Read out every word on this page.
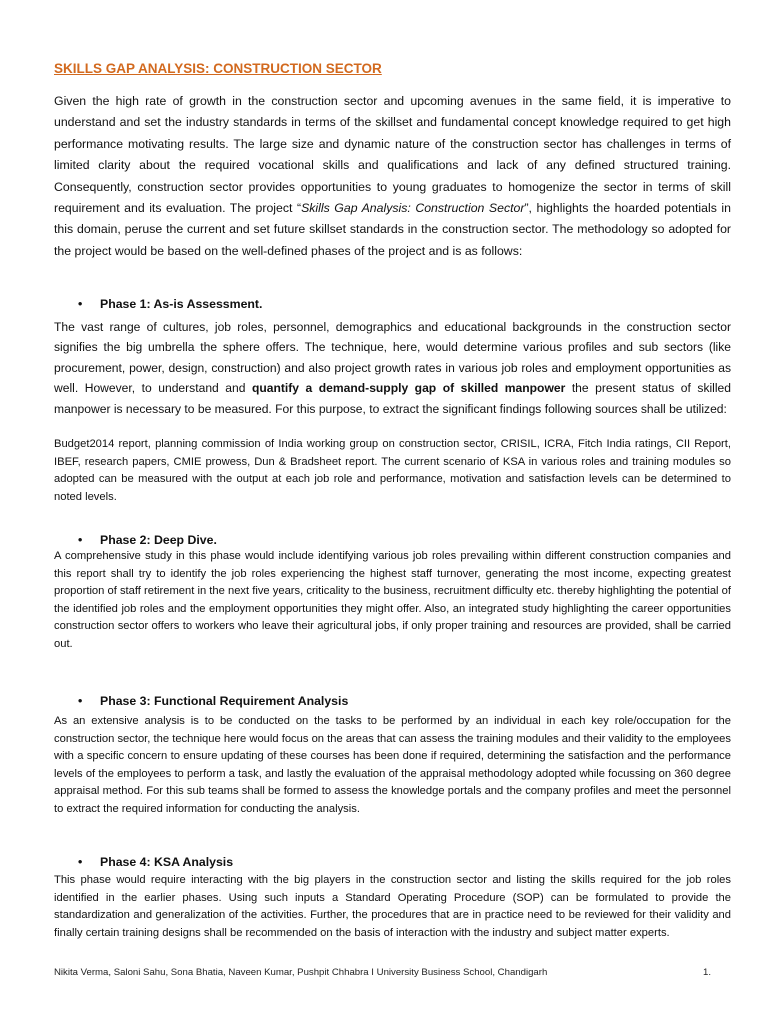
SKILLS GAP ANALYSIS: CONSTRUCTION SECTOR

Given the high rate of growth in the construction sector and upcoming avenues in the same field, it is imperative to understand and set the industry standards in terms of the skillset and fundamental concept knowledge required to get high performance motivating results. The large size and dynamic nature of the construction sector has challenges in terms of limited clarity about the required vocational skills and qualifications and lack of any defined structured training. Consequently, construction sector provides opportunities to young graduates to homogenize the sector in terms of skill requirement and its evaluation. The project “Skills Gap Analysis: Construction Sector”, highlights the hoarded potentials in this domain, peruse the current and set future skillset standards in the construction sector. The methodology so adopted for the project would be based on the well-defined phases of the project and is as follows:

• Phase 1: As-is Assessment.

The vast range of cultures, job roles, personnel, demographics and educational backgrounds in the construction sector signifies the big umbrella the sphere offers. The technique, here, would determine various profiles and sub sectors (like procurement, power, design, construction) and also project growth rates in various job roles and employment opportunities as well. However, to understand and quantify a demand-supply gap of skilled manpower the present status of skilled manpower is necessary to be measured. For this purpose, to extract the significant findings following sources shall be utilized:

Budget2014 report, planning commission of India working group on construction sector, CRISIL, ICRA, Fitch India ratings, CII Report, IBEF, research papers, CMIE prowess, Dun & Bradsheet report. The current scenario of KSA in various roles and training modules so adopted can be measured with the output at each job role and performance, motivation and satisfaction levels can be determined to noted levels.

• Phase 2: Deep Dive.

A comprehensive study in this phase would include identifying various job roles prevailing within different construction companies and this report shall try to identify the job roles experiencing the highest staff turnover, generating the most income, expecting greatest proportion of staff retirement in the next five years, criticality to the business, recruitment difficulty etc. thereby highlighting the potential of the identified job roles and the employment opportunities they might offer. Also, an integrated study highlighting the career opportunities construction sector offers to workers who leave their agricultural jobs, if only proper training and resources are provided, shall be carried out.

• Phase 3: Functional Requirement Analysis

As an extensive analysis is to be conducted on the tasks to be performed by an individual in each key role/occupation for the construction sector, the technique here would focus on the areas that can assess the training modules and their validity to the employees with a specific concern to ensure updating of these courses has been done if required, determining the satisfaction and the performance levels of the employees to perform a task, and lastly the evaluation of the appraisal methodology adopted while focussing on 360 degree appraisal method. For this sub teams shall be formed to assess the knowledge portals and the company profiles and meet the personnel to extract the required information for conducting the analysis.

• Phase 4: KSA Analysis

This phase would require interacting with the big players in the construction sector and listing the skills required for the job roles identified in the earlier phases. Using such inputs a Standard Operating Procedure (SOP) can be formulated to provide the standardization and generalization of the activities. Further, the procedures that are in practice need to be reviewed for their validity and finally certain training designs shall be recommended on the basis of interaction with the industry and subject matter experts.

Nikita Verma, Saloni Sahu, Sona Bhatia, Naveen Kumar, Pushpit Chhabra I University Business School, Chandigarh	1.
